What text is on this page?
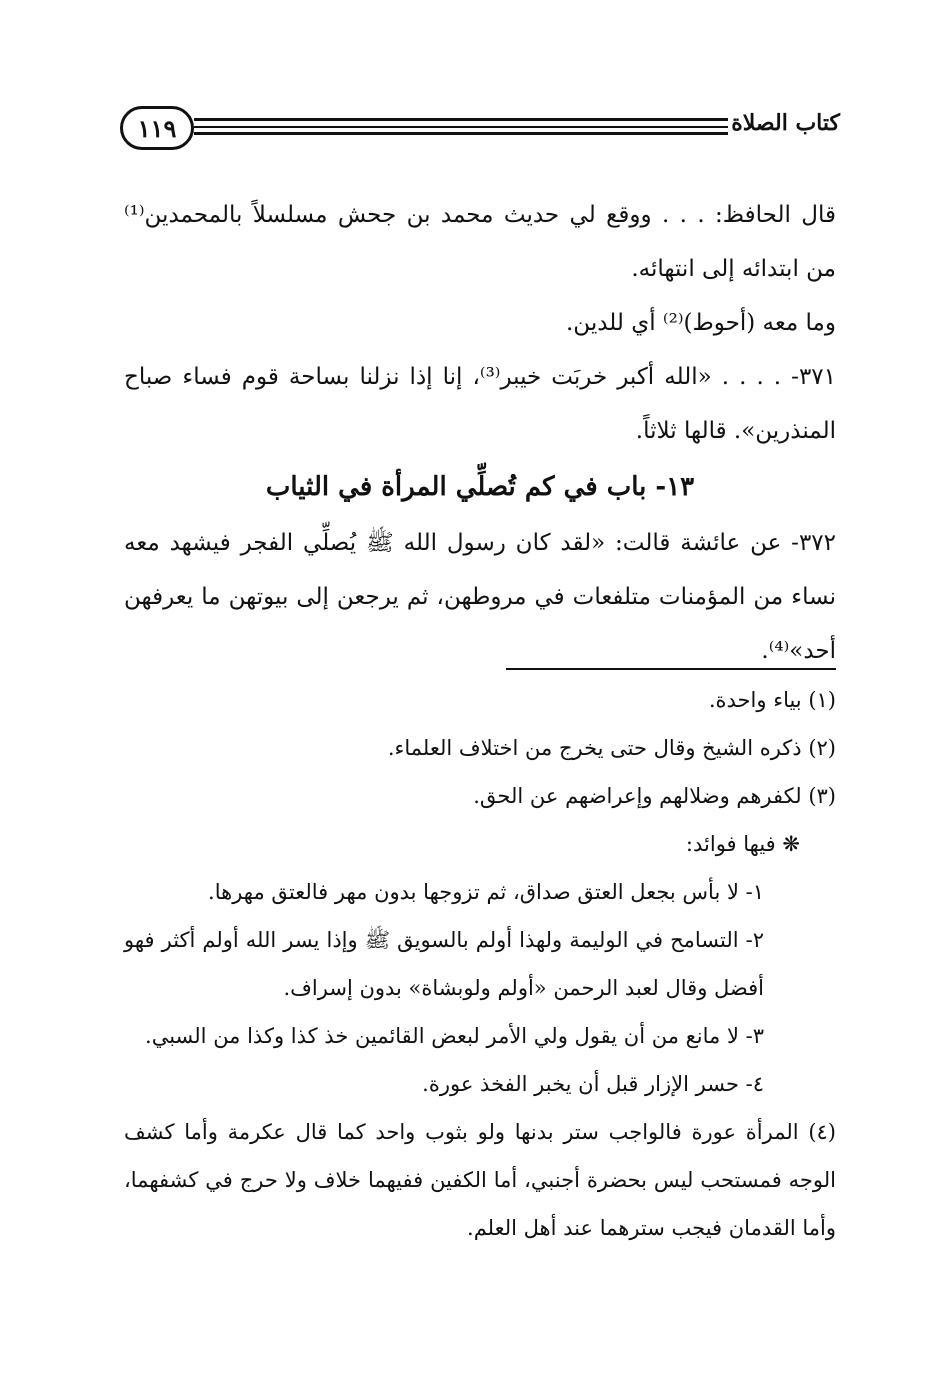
١١٩	كتاب الصلاة

قال الحافظ: . . . ووقع لي حديث محمد بن جحش مسلسلاً بالمحمدين⁽¹⁾ من ابتدائه إلى انتهائه.

وما معه (أحوط)⁽²⁾ أي للدين.

٣٧١- . . . . «الله أكبر خربَت خيبر⁽³⁾، إنا إذا نزلنا بساحة قوم فساء صباح المنذرين». قالها ثلاثاً.

١٣- باب في كم تُصلِّي المرأة في الثياب

٣٧٢- عن عائشة قالت: «لقد كان رسول الله ﷺ يُصلِّي الفجر فيشهد معه نساء من المؤمنات متلفعات في مروطهن، ثم يرجعن إلى بيوتهن ما يعرفهن أحد»⁽⁴⁾.

(١) بياء واحدة.

(٢) ذكره الشيخ وقال حتى يخرج من اختلاف العلماء.

(٣) لكفرهم وضلالهم وإعراضهم عن الحق.

❋ فيها فوائد:

١- لا بأس بجعل العتق صداق، ثم تزوجها بدون مهر فالعتق مهرها.

٢- التسامح في الوليمة ولهذا أولم بالسويق ﷺ وإذا يسر الله أولم أكثر فهو أفضل وقال لعبد الرحمن «أولم ولوبشاة» بدون إسراف.

٣- لا مانع من أن يقول ولي الأمر لبعض القائمين خذ كذا وكذا من السبي.

٤- حسر الإزار قبل أن يخبر الفخذ عورة.

(٤) المرأة عورة فالواجب ستر بدنها ولو بثوب واحد كما قال عكرمة وأما كشف الوجه فمستحب ليس بحضرة أجنبي، أما الكفين ففيهما خلاف ولا حرج في كشفهما، وأما القدمان فيجب سترهما عند أهل العلم.
